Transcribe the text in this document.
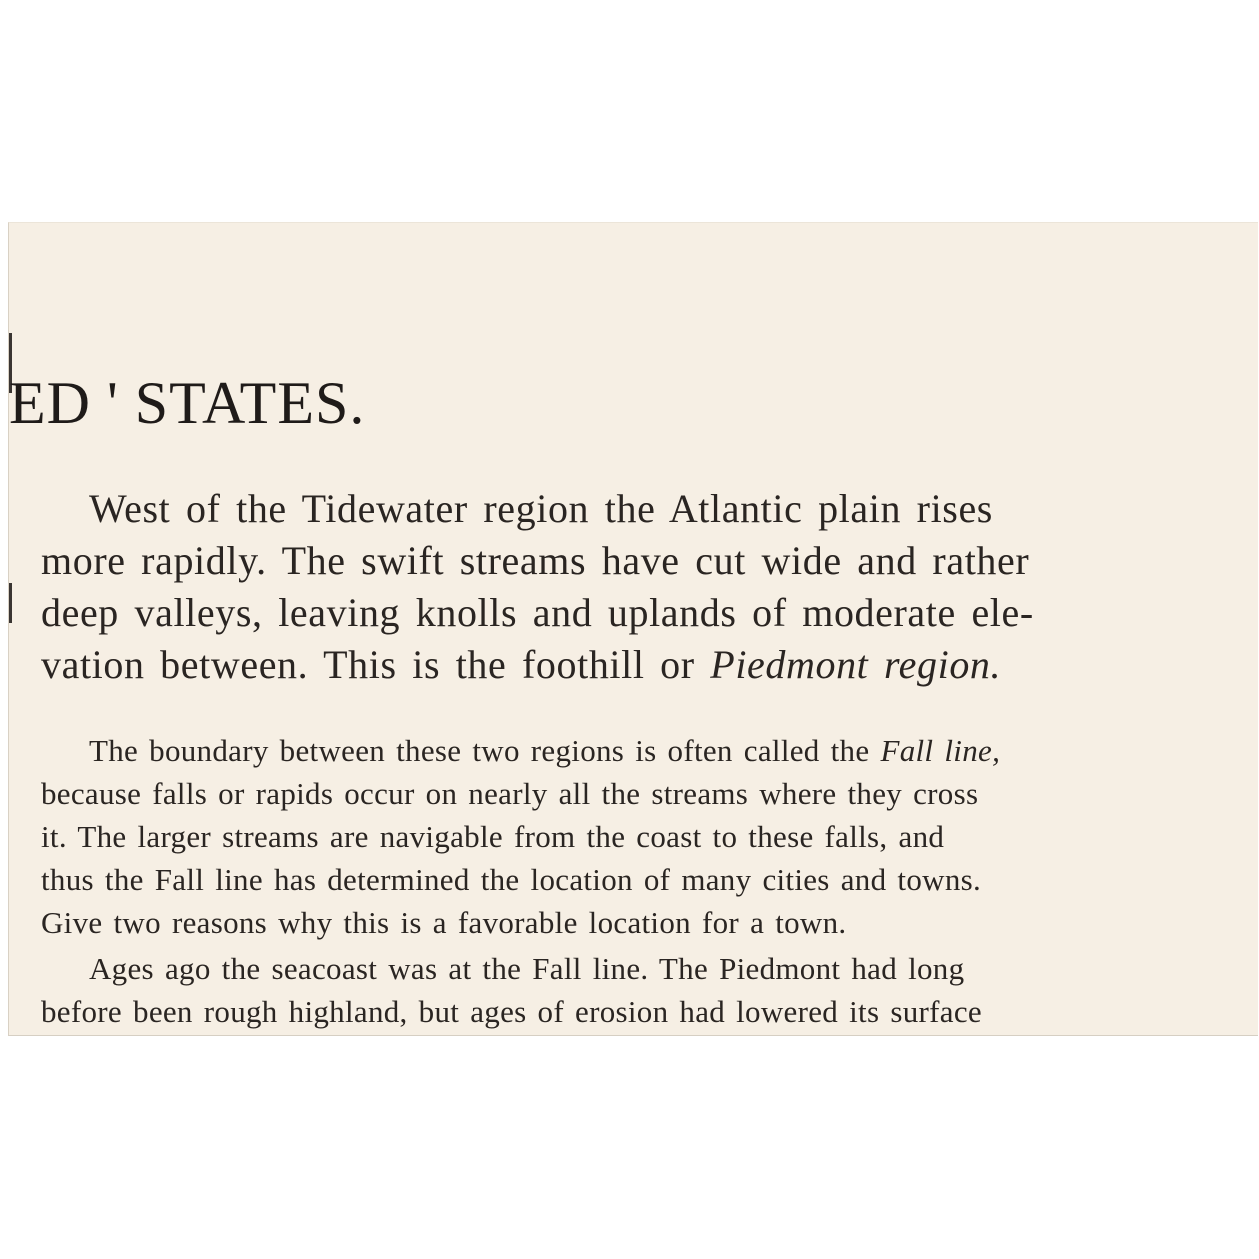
ED ' STATES.
West of the Tidewater region the Atlantic plain rises
more rapidly. The swift streams have cut wide and rather
deep valleys, leaving knolls and uplands of moderate ele-
vation between. This is the foothill or Piedmont region.
The boundary between these two regions is often called the Fall line,
because falls or rapids occur on nearly all the streams where they cross
it. The larger streams are navigable from the coast to these falls, and
thus the Fall line has determined the location of many cities and towns.
Give two reasons why this is a favorable location for a town.
Ages ago the seacoast was at the Fall line. The Piedmont had long
before been rough highland, but ages of erosion had lowered its surface
